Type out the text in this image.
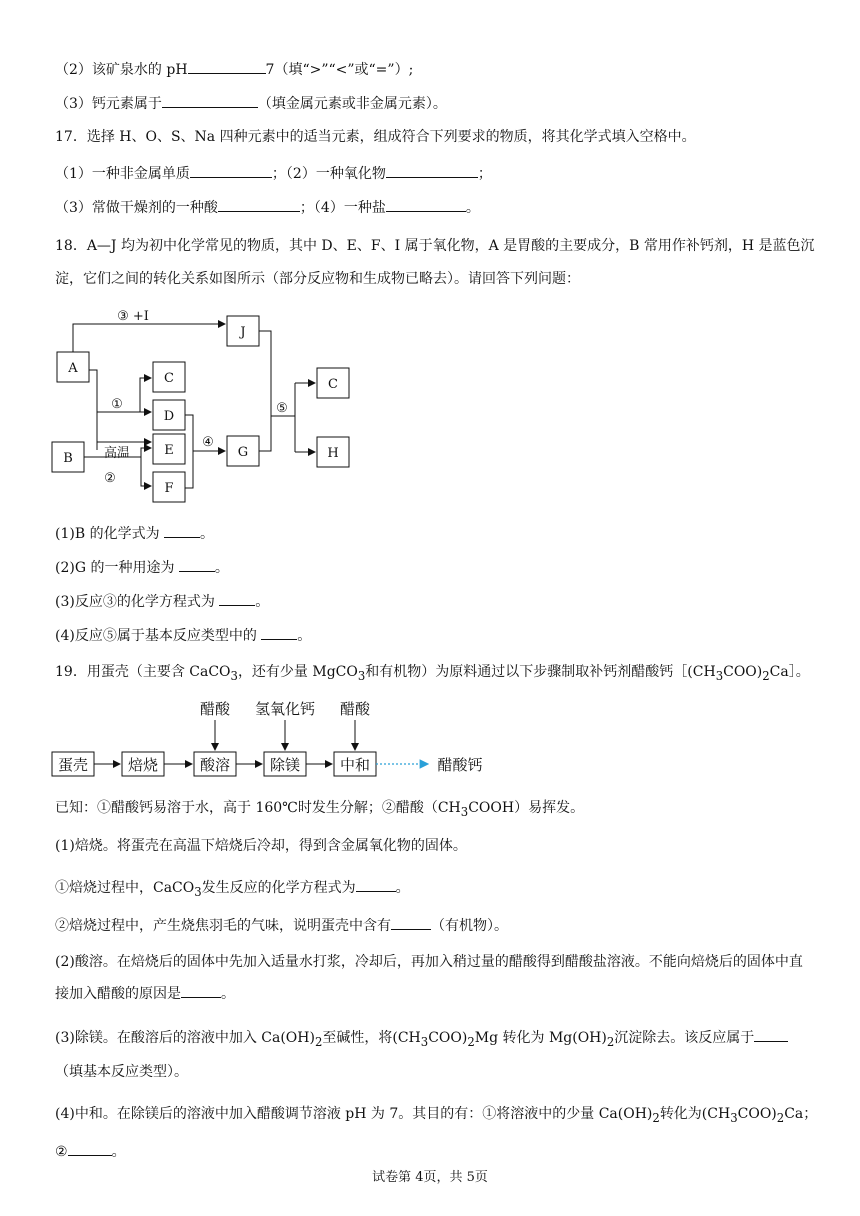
（2）该矿泉水的 pH	7（填“>”“<”或“=”）;
（3）钙元素属于	（填金属元素或非金属元素）。
17．选择 H、O、S、Na 四种元素中的适当元素，组成符合下列要求的物质，将其化学式填入空格中。
（1）一种非金属单质	；（2）一种氧化物	；
（3）常做干燥剂的一种酸	；（4）一种盐	。
18．A—J 均为初中化学常见的物质，其中 D、E、F、I 属于氧化物，A 是胃酸的主要成分，B 常用作补钙剂，H 是蓝色沉淀，它们之间的转化关系如图所示（部分反应物和生成物已略去）。请回答下列问题：
A
B
C
D
E
F
J
G
C
H
③ +I
①
高温
②
④
⑤
(1)B 的化学式为	。
(2)G 的一种用途为	。
(3)反应③的化学方程式为	。
(4)反应⑤属于基本反应类型中的	。
19．用蛋壳（主要含 CaCO$_3$，还有少量 MgCO$_3$和有机物）为原料通过以下步骤制取补钙剂醋酸钙$[(CH_3COO)_2Ca]$。
醋酸 氢氧化钙 醋酸
蛋壳	焙烧	酸溶	除镁	中和	醋酸钙
已知：①醋酸钙易溶于水，高于 160℃时发生分解；②醋酸$(CH_3COOH)$易挥发。
(1)焙烧。将蛋壳在高温下焙烧后冷却，得到含金属氧化物的固体。
①焙烧过程中，CaCO$_3$发生反应的化学方程式为	。
②焙烧过程中，产生烧焦羽毛的气味，说明蛋壳中含有	（有机物）。
(2)酸溶。在焙烧后的固体中先加入适量水打浆，冷却后，再加入稍过量的醋酸得到醋酸盐溶液。不能向焙烧后的固体中直接加入醋酸的原因是	。
(3)除镁。在酸溶后的溶液中加入 $Ca(OH)_2$至碱性，将$(CH_3COO)_2Mg$ 转化为 $Mg(OH)_2$沉淀除去。该反应属于
（填基本反应类型）。
(4)中和。在除镁后的溶液中加入醋酸调节溶液 pH 为 7。其目的有：①将溶液中的少量 $Ca(OH)_2$转化为$(CH_3COO)_2Ca$；
②	。
试卷第 4页，共 5页
